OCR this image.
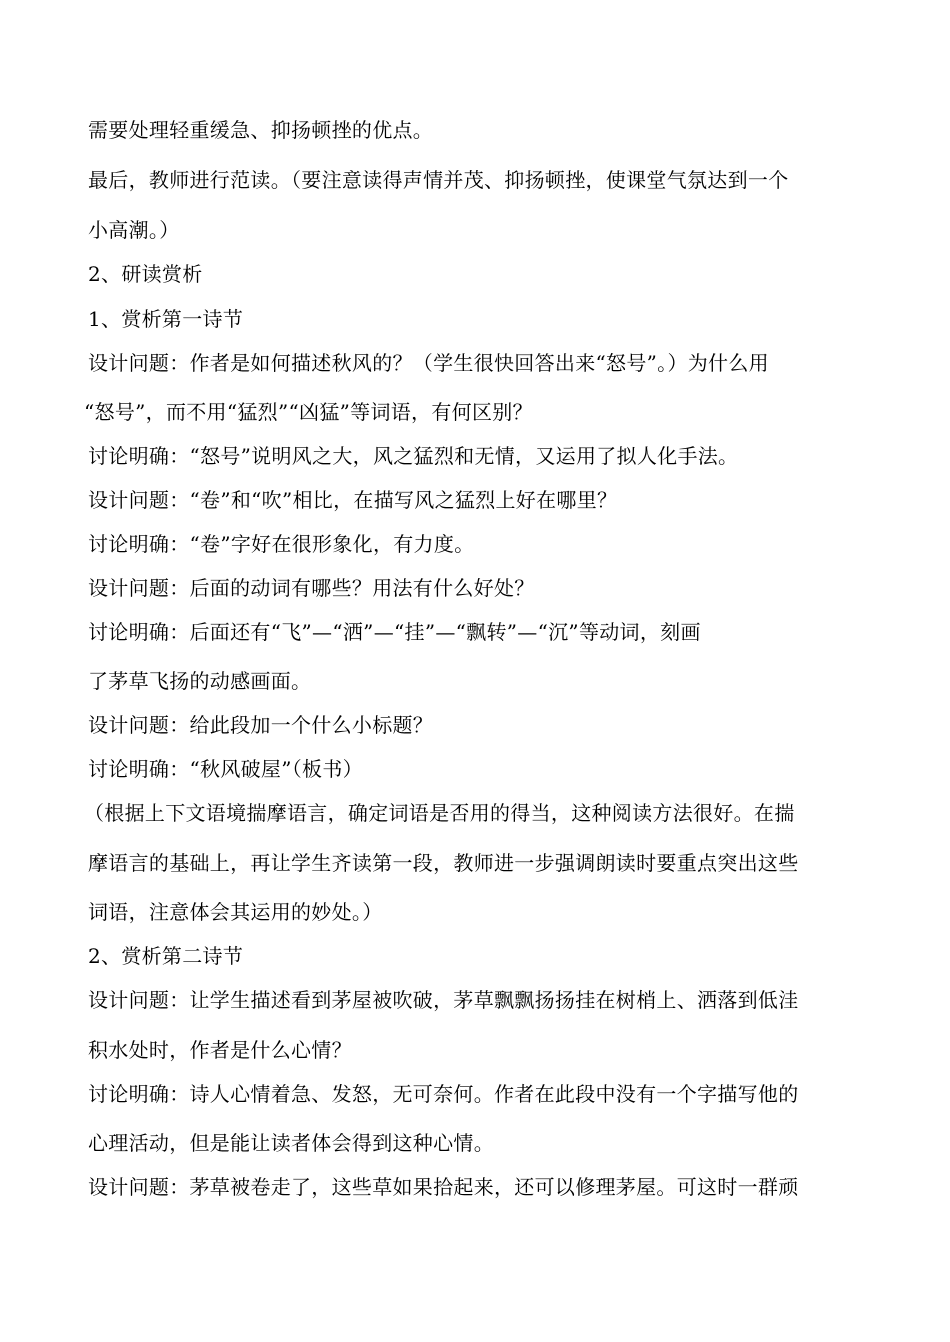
需要处理轻重缓急、抑扬顿挫的优点。
最后，教师进行范读。（要注意读得声情并茂、抑扬顿挫，使课堂气氛达到一个
小高潮。）
2、研读赏析
1、赏析第一诗节
设计问题：作者是如何描述秋风的？（学生很快回答出来“怒号”。）为什么用
“怒号”，而不用“猛烈”“凶猛”等词语，有何区别？
讨论明确：“怒号”说明风之大，风之猛烈和无情，又运用了拟人化手法。
设计问题：“卷”和“吹”相比，在描写风之猛烈上好在哪里？
讨论明确：“卷”字好在很形象化，有力度。
设计问题：后面的动词有哪些？用法有什么好处？
讨论明确：后面还有“飞”—“洒”—“挂”—“飘转”—“沉”等动词，刻画
了茅草飞扬的动感画面。
设计问题：给此段加一个什么小标题？
讨论明确：“秋风破屋”（板书）
（根据上下文语境揣摩语言，确定词语是否用的得当，这种阅读方法很好。在揣
摩语言的基础上，再让学生齐读第一段，教师进一步强调朗读时要重点突出这些
词语，注意体会其运用的妙处。）
2、赏析第二诗节
设计问题：让学生描述看到茅屋被吹破，茅草飘飘扬扬挂在树梢上、洒落到低洼
积水处时，作者是什么心情？
讨论明确：诗人心情着急、发怒，无可奈何。作者在此段中没有一个字描写他的
心理活动，但是能让读者体会得到这种心情。
设计问题：茅草被卷走了，这些草如果拾起来，还可以修理茅屋。可这时一群顽
